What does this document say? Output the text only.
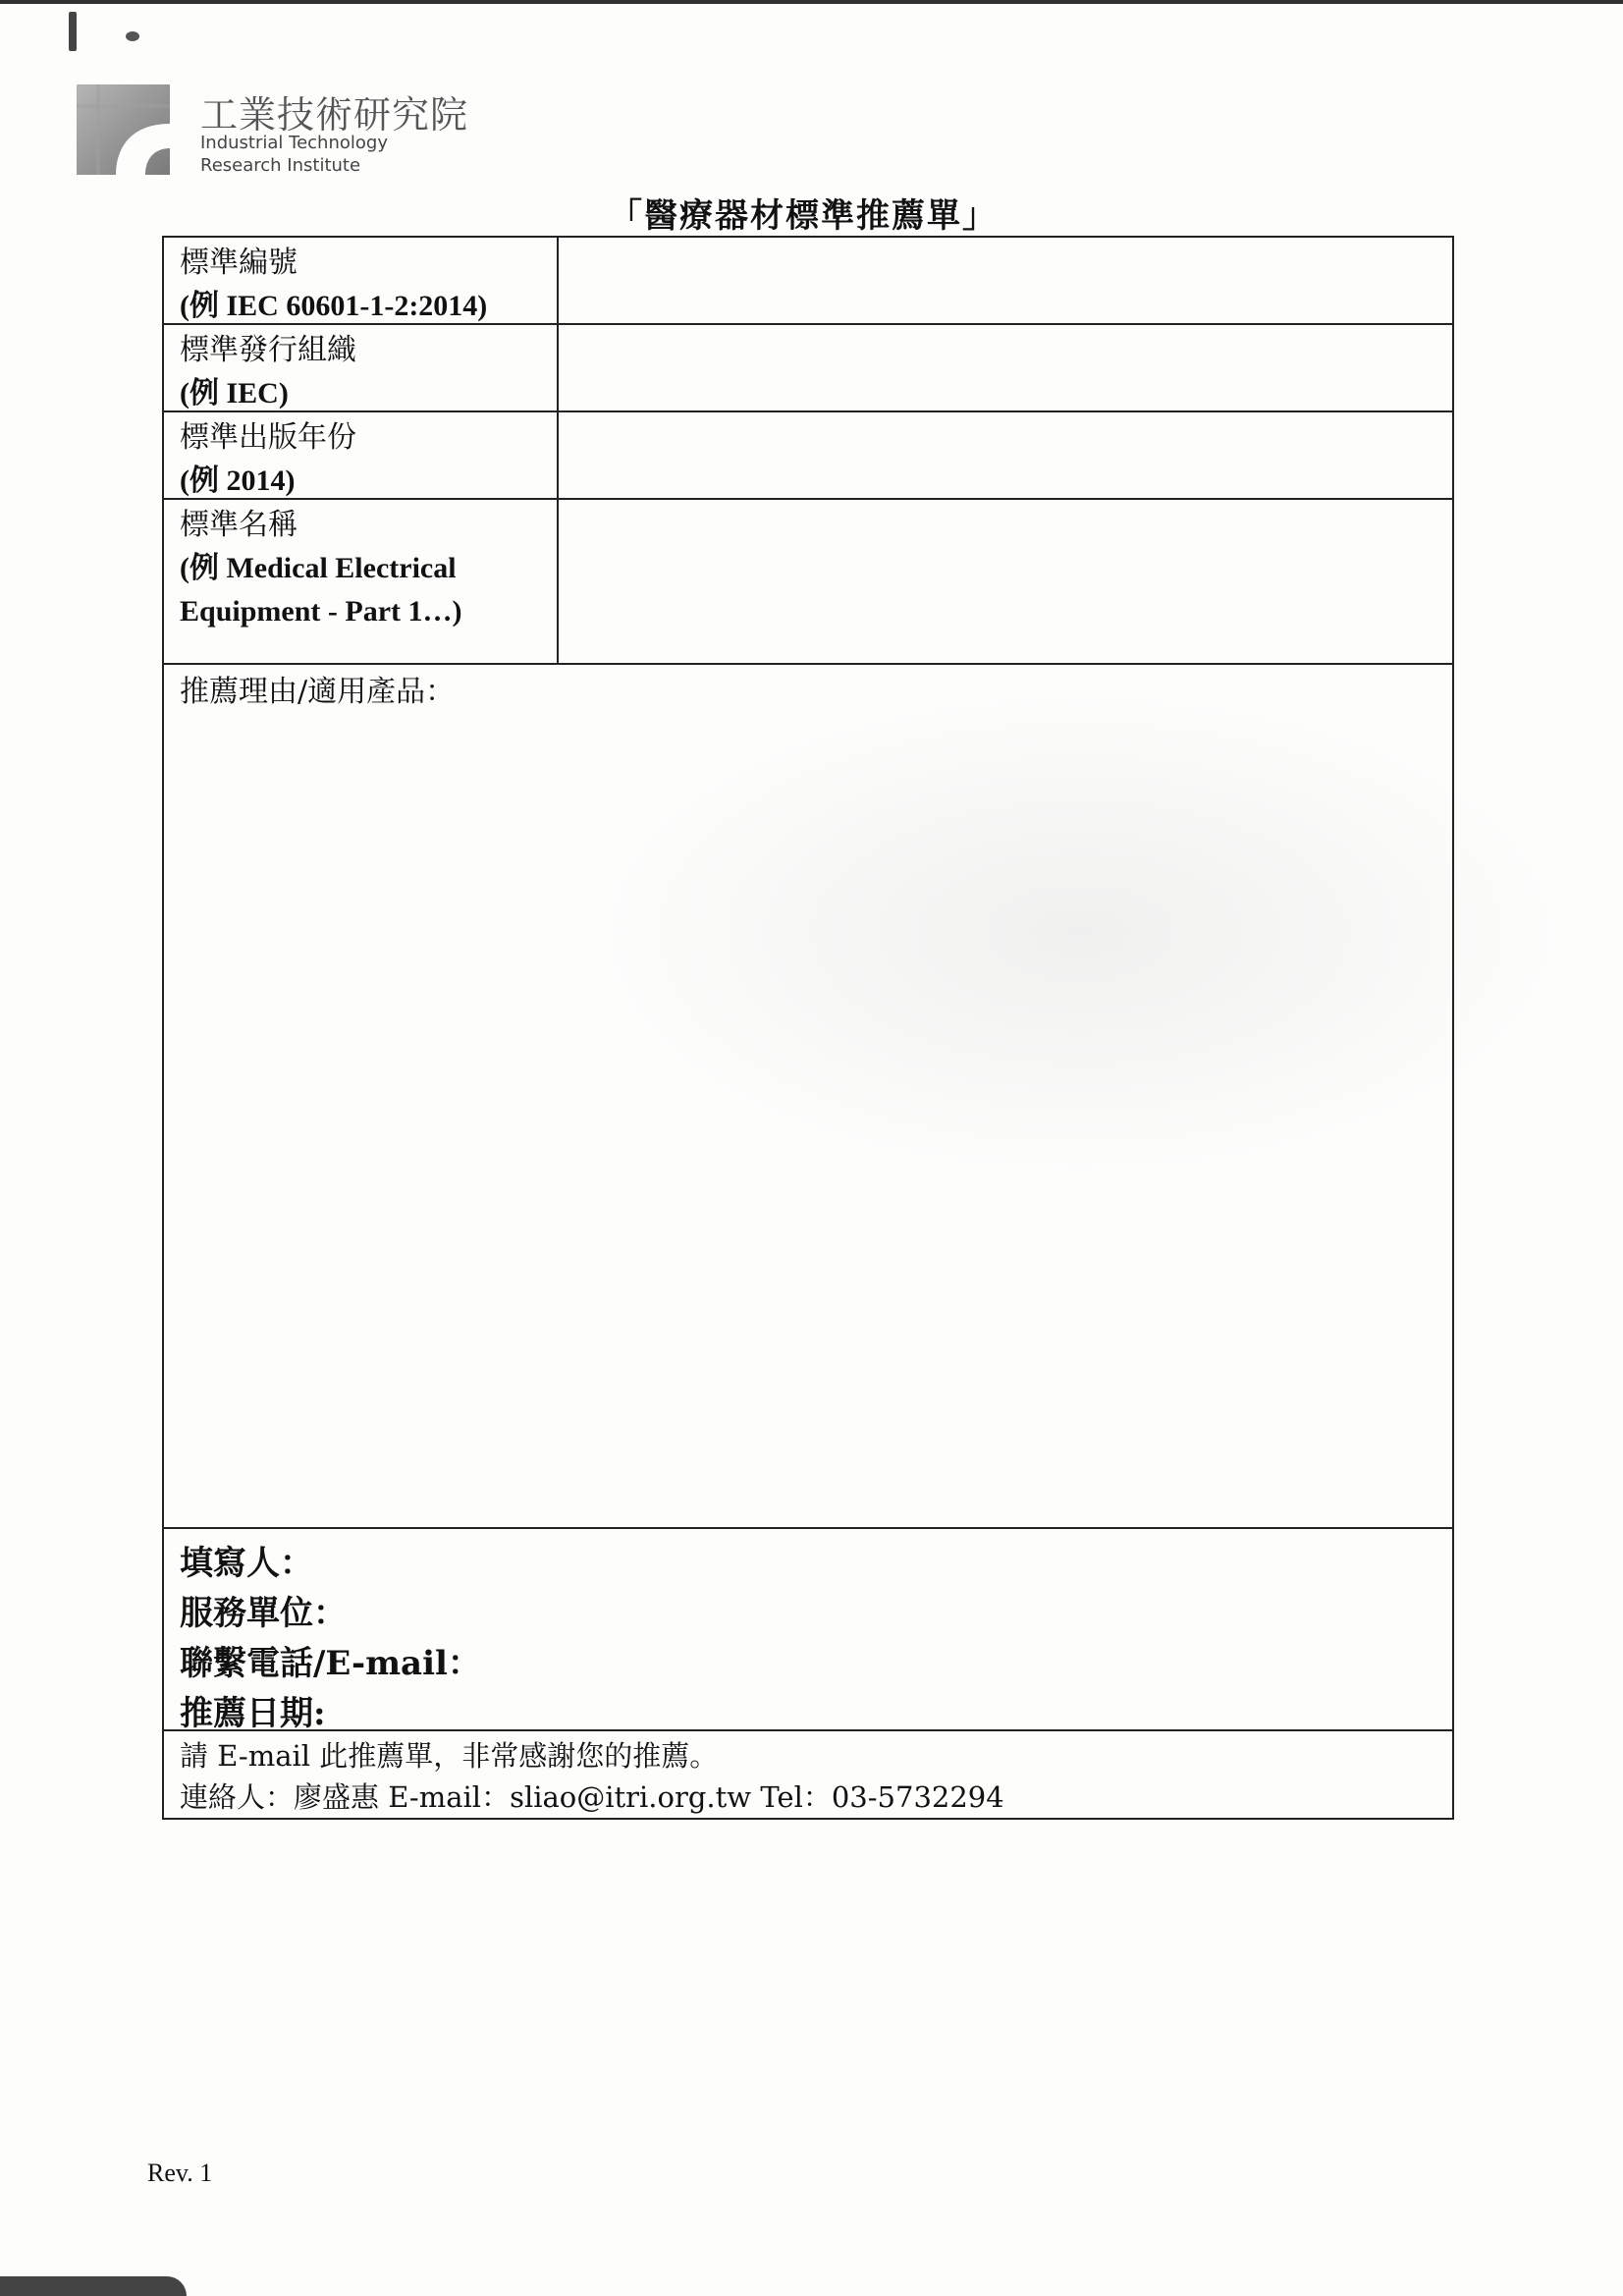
工業技術研究院
Industrial Technology
Research Institute
「醫療器材標準推薦單」
標準編號
(例 IEC 60601-1-2:2014)
標準發行組織
(例 IEC)
標準出版年份
(例 2014)
標準名稱
(例 Medical Electrical
Equipment - Part 1…)
推薦理由/適用產品：
填寫人：
服務單位：
聯繫電話/E-mail：
推薦日期:
請 E-mail 此推薦單，非常感謝您的推薦。
連絡人：廖盛惠 E-mail：sliao@itri.org.tw Tel：03-5732294
Rev. 1
